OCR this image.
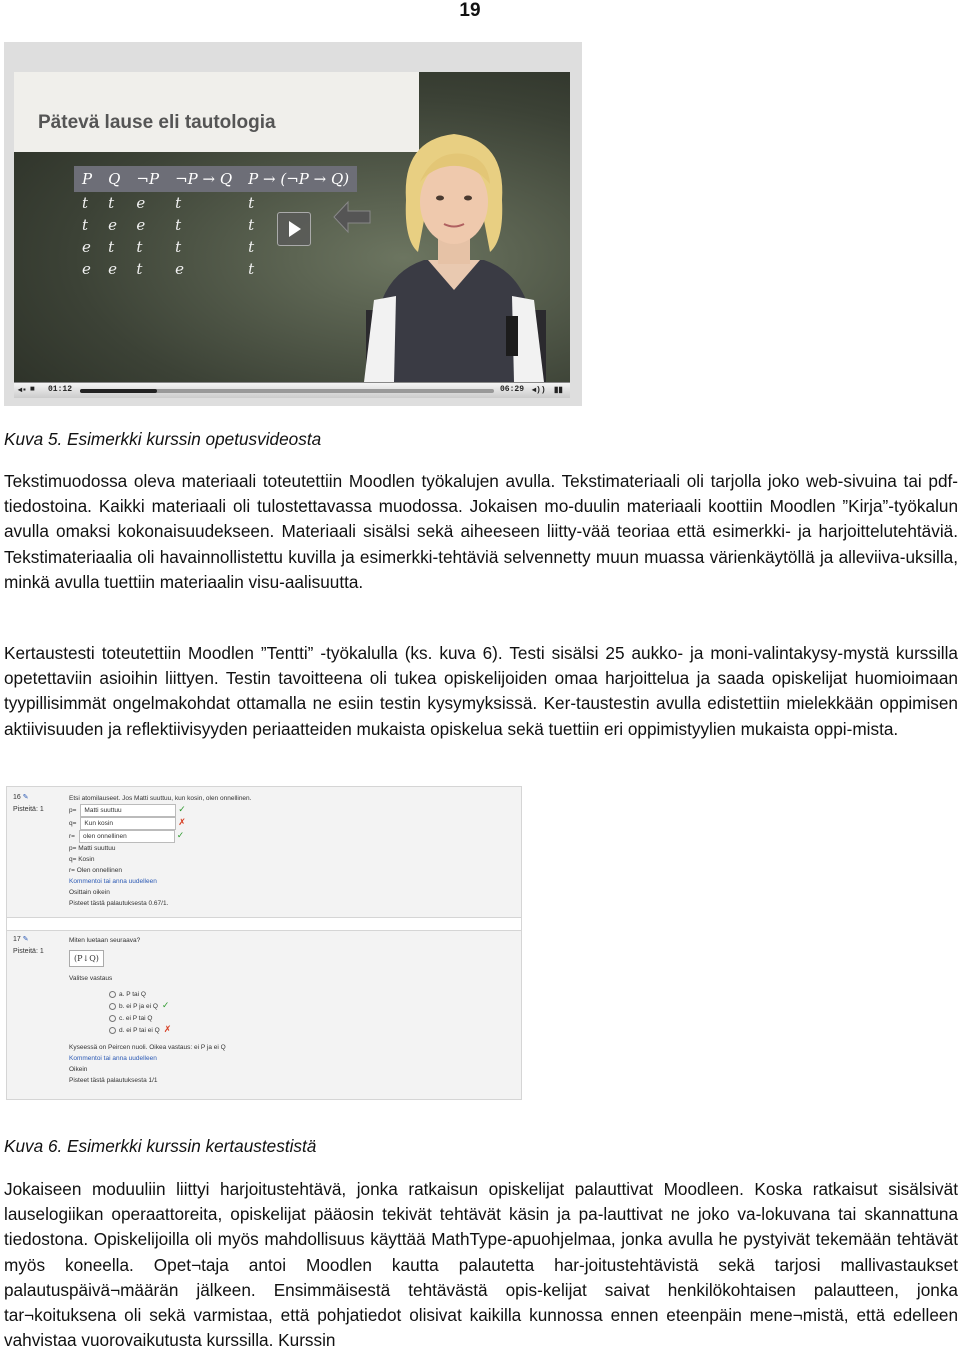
19
Pätevä lause eli tautologia
P	Q	¬P	¬P → Q	P → (¬P → Q)
t	t	e	t	t
t	e	e	t	t
e	t	t	t	t
e	e	t	e	t
◂▪ ■ 01:12	06:29 ◂)) ▮▮

Kuva 5. Esimerkki kurssin opetusvideosta

Tekstimuodossa oleva materiaali toteutettiin Moodlen työkalujen avulla. Tekstimateriaali oli tarjolla joko web-sivuina tai pdf-tiedostoina. Kaikki materiaali oli tulostettavassa muodossa. Jokaisen mo-duulin materiaali koottiin Moodlen ”Kirja”-työkalun avulla omaksi kokonaisuudekseen. Materiaali sisälsi sekä aiheeseen liitty-vää teoriaa että esimerkki- ja harjoittelutehtäviä. Tekstimateriaalia oli havainnollistettu kuvilla ja esimerkki-tehtäviä selvennetty muun muassa värienkäytöllä ja alleviiva-uksilla, minkä avulla tuettiin materiaalin visu-aalisuutta.

Kertaustesti toteutettiin Moodlen ”Tentti” -työkalulla (ks. kuva 6). Testi sisälsi 25 aukko- ja moni-valintakysy-mystä kurssilla opetettaviin asioihin liittyen. Testin tavoitteena oli tukea opiskelijoiden omaa harjoittelua ja saada opiskelijat huomioimaan tyypillisimmät ongelmakohdat ottamalla ne esiin testin kysymyksissä. Ker-taustestin avulla edistettiin mielekkään oppimisen aktiivisuuden ja reflektiivisyyden periaatteiden mukaista opiskelua sekä tuettiin eri oppimistyylien mukaista oppi-mista.

16 ✎
Pisteitä: 1
Etsi atomilauseet. Jos Matti suuttuu, kun kosin, olen onnellinen.
p= Matti suuttuu	✓
q= Kun kosin	✗
r= olen onnellinen	✓
p= Matti suuttuu
q= Kosin
r= Olen onnellinen
Kommentoi tai anna uudelleen
Osittain oikein
Pisteet tästä palautuksesta 0.67/1.
17 ✎
Pisteitä: 1
Miten luetaan seuraava?
(P↓Q)
Valitse vastaus
a. P tai Q
b. ei P ja ei Q ✓
c. ei P tai Q
d. ei P tai ei Q ✗
Kyseessä on Peircen nuoli. Oikea vastaus: ei P ja ei Q
Kommentoi tai anna uudelleen
Oikein
Pisteet tästä palautuksesta 1/1

Kuva 6. Esimerkki kurssin kertaustestistä

Jokaiseen moduuliin liittyi harjoitustehtävä, jonka ratkaisun opiskelijat palauttivat Moodleen. Koska ratkaisut sisälsivät lauselogiikan operaattoreita, opiskelijat pääosin tekivät tehtävät käsin ja pa-lauttivat ne joko va-lokuvana tai skannattuna tiedostona. Opiskelijoilla oli myös mahdollisuus käyttää MathType-apuohjelmaa, jonka avulla he pystyivät tekemään tehtävät myös koneella. Opet¬taja antoi Moodlen kautta palautetta har-joitustehtävistä sekä tarjosi mallivastaukset palautuspäivä¬määrän jälkeen. Ensimmäisestä tehtävästä opis-kelijat saivat henkilökohtaisen palautteen, jonka tar¬koituksena oli sekä varmistaa, että pohjatiedot olisivat kaikilla kunnossa ennen eteenpäin mene¬mistä, että edelleen vahvistaa vuorovaikutusta kurssilla. Kurssin
